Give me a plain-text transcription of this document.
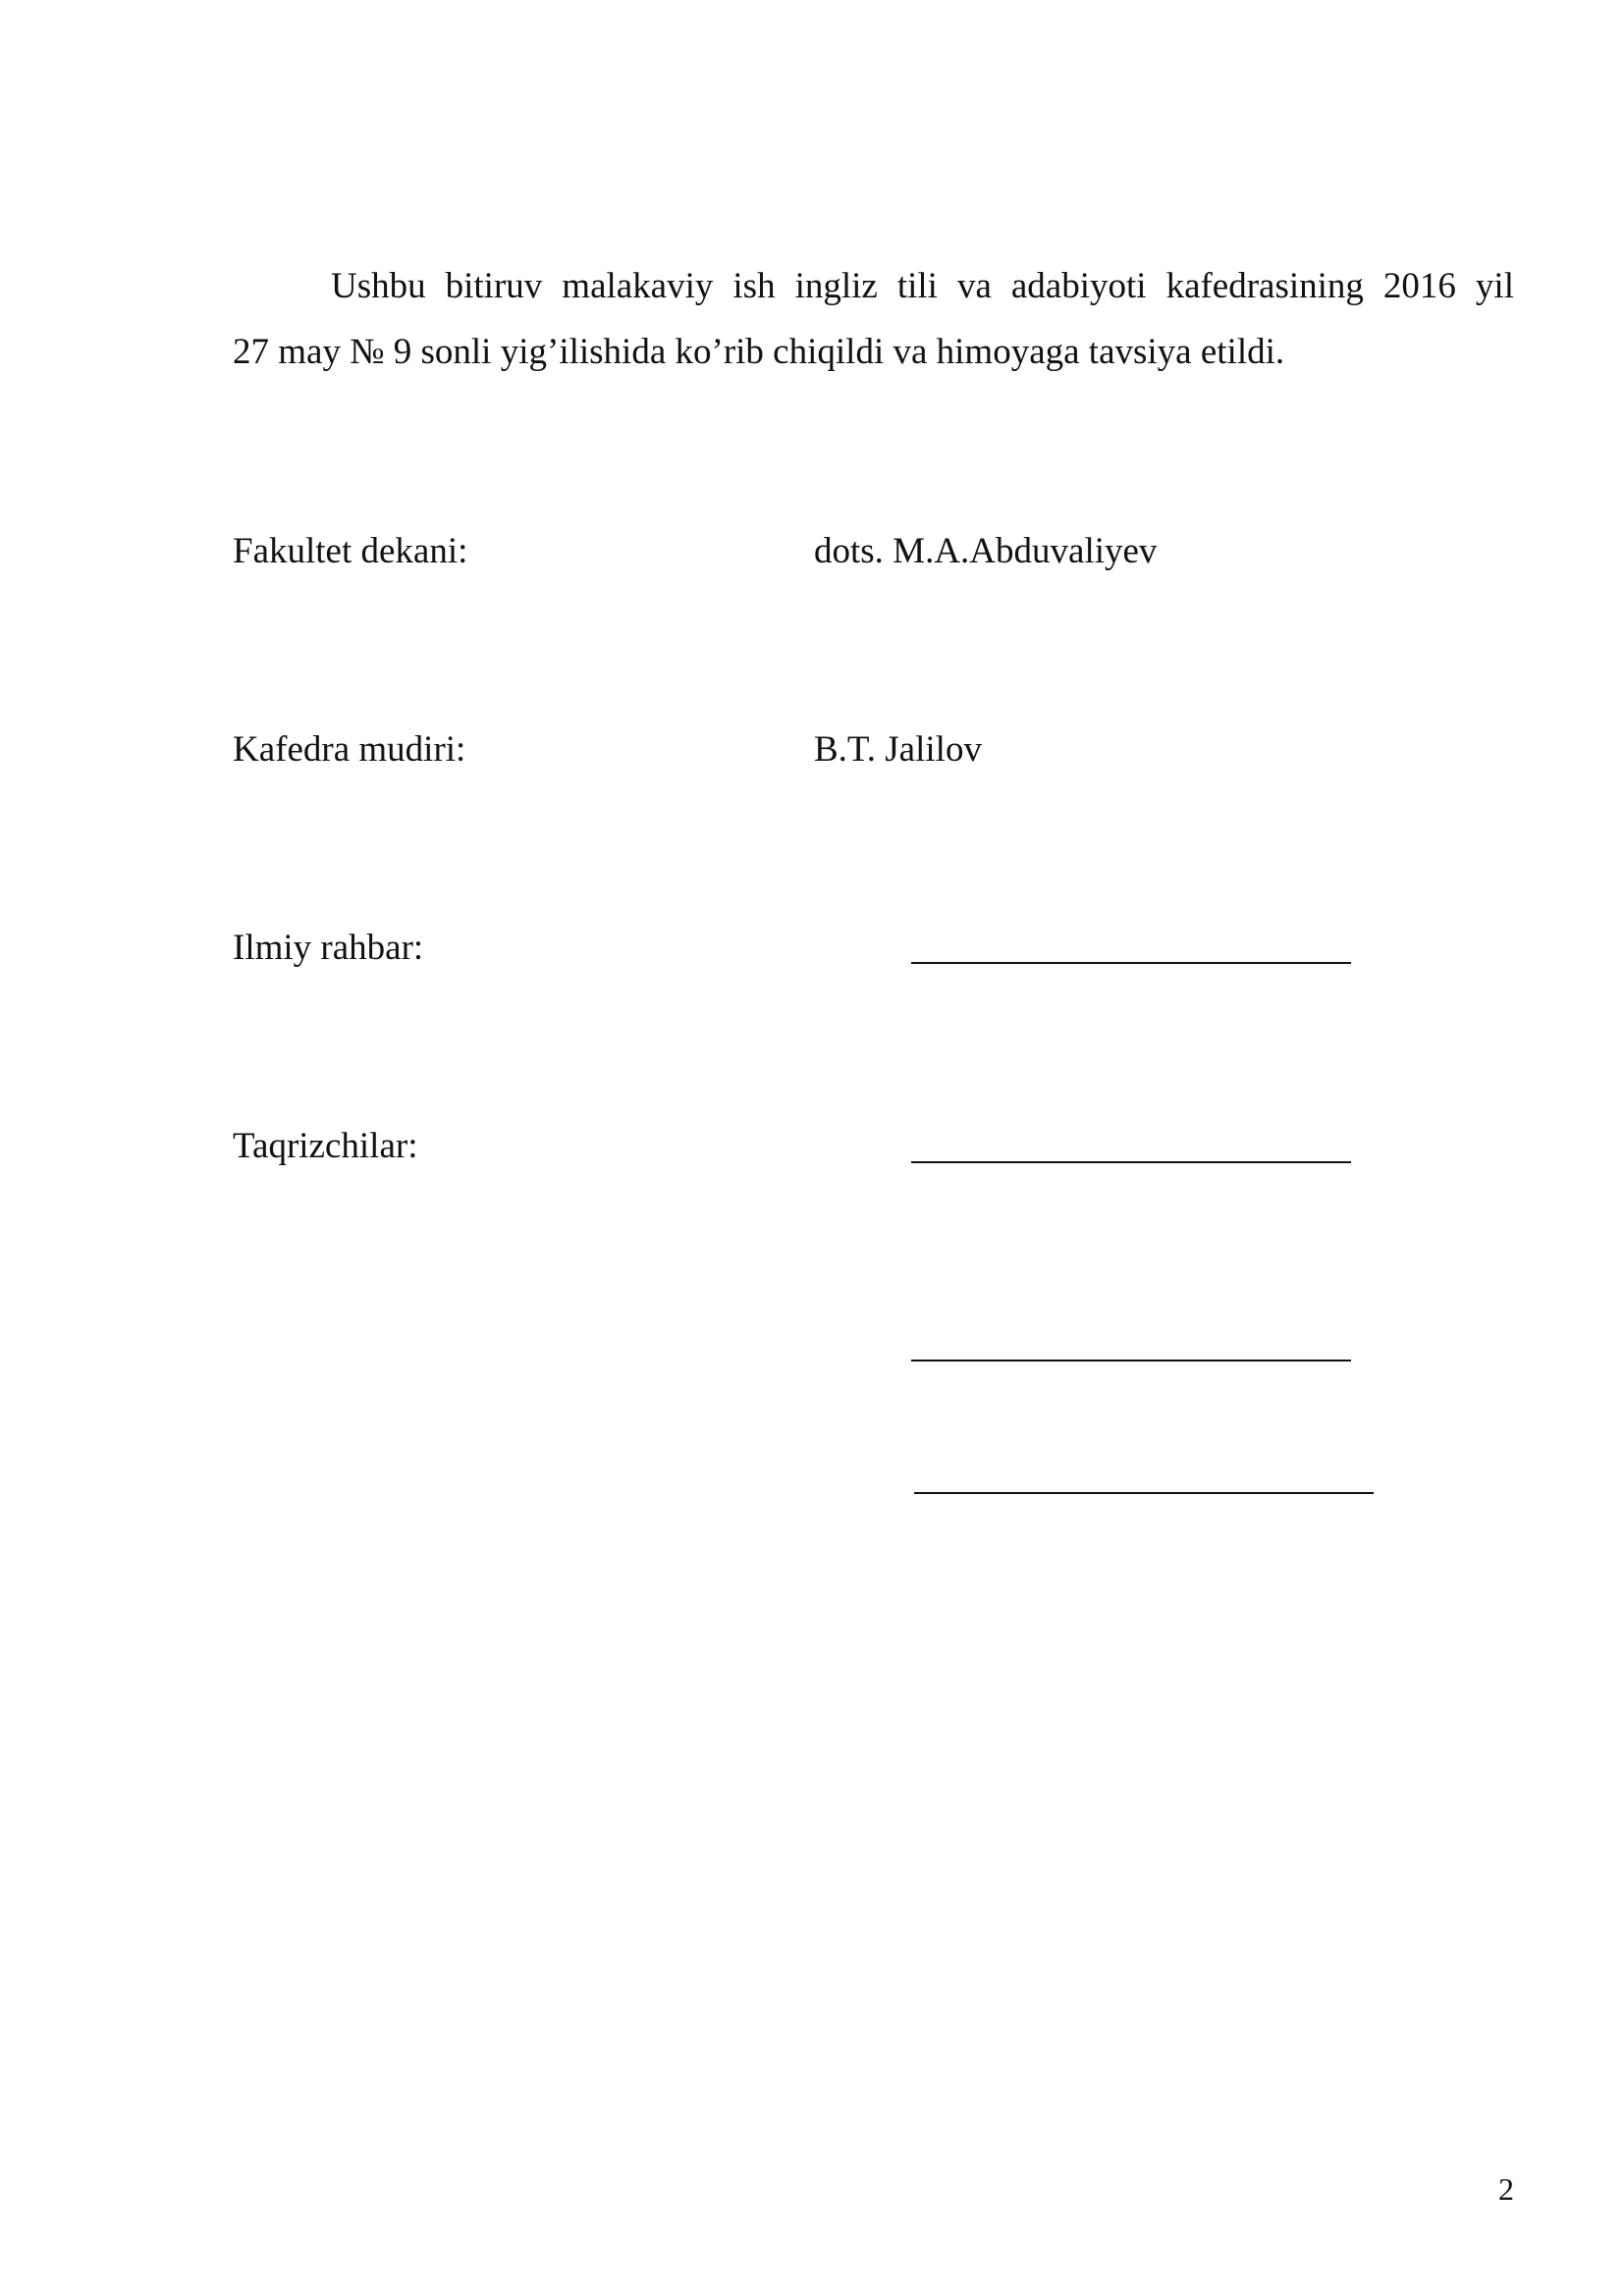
Ushbu bitiruv malakaviy ish ingliz tili va adabiyoti kafedrasining 2016 yil
27 may № 9 sonli yig’ilishida ko’rib chiqildi va himoyaga tavsiya etildi.

Fakultet dekani:	dots. M.A.Abduvaliyev
Kafedra mudiri:	B.T. Jalilov
Ilmiy rahbar:
Taqrizchilar:
2
